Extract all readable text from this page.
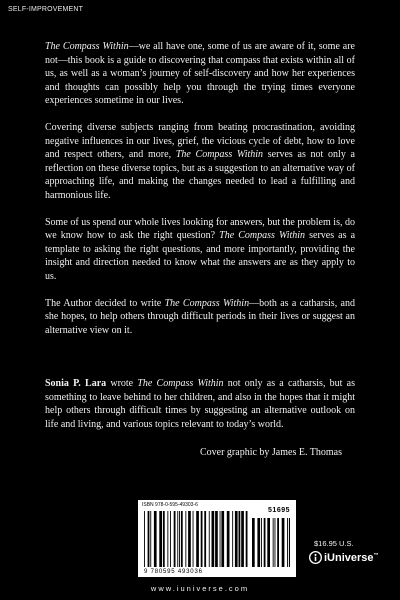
SELF-IMPROVEMENT

The Compass Within—we all have one, some of us are aware of it, some are not—this book is a guide to discovering that compass that exists within all of us, as well as a woman’s journey of self-discovery and how her experiences and thoughts can possibly help you through the trying times everyone experiences sometime in our lives.

Covering diverse subjects ranging from beating procrastination, avoiding negative influences in our lives, grief, the vicious cycle of debt, how to love and respect others, and more, The Compass Within serves as not only a reflection on these diverse topics, but as a suggestion to an alternative way of approaching life, and making the changes needed to lead a fulfilling and harmonious life.

Some of us spend our whole lives looking for answers, but the problem is, do we know how to ask the right question? The Compass Within serves as a template to asking the right questions, and more importantly, providing the insight and direction needed to know what the answers are as they apply to us.

The Author decided to write The Compass Within—both as a catharsis, and she hopes, to help others through difficult periods in their lives or suggest an alternative view on it.

Sonia P. Lara wrote The Compass Within not only as a catharsis, but as something to leave behind to her children, and also in the hopes that it might help others through difficult times by suggesting an alternative outlook on life and living, and various topics relevant to today’s world.

Cover graphic by James E. Thomas
ISBN 978-0-595-49303-6
51695
9 780595 493036
$16.95 U.S.
iUniverse™
www.iuniverse.com
